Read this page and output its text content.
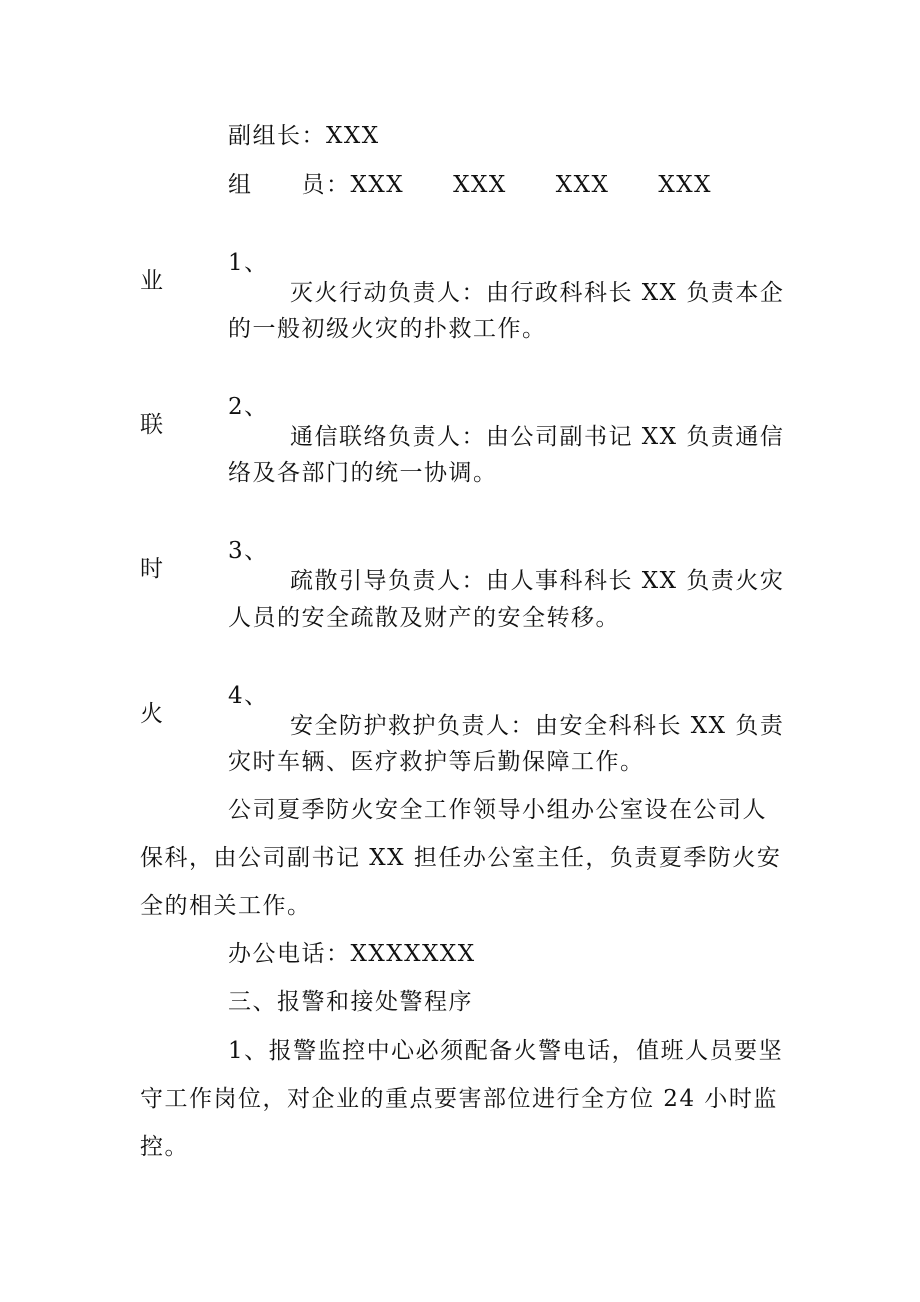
副组长：XXX
组　　员：XXX　　XXX　　XXX　　XXX

1、

灭火行动负责人：由行政科科长 XX 负责本企

业
的一般初级火灾的扑救工作。

2、

通信联络负责人：由公司副书记 XX 负责通信

联
络及各部门的统一协调。

3、

疏散引导负责人：由人事科科长 XX 负责火灾

时
人员的安全疏散及财产的安全转移。

4、

安全防护救护负责人：由安全科科长 XX 负责

火
灾时车辆、医疗救护等后勤保障工作。
公司夏季防火安全工作领导小组办公室设在公司人
保科，由公司副书记 XX 担任办公室主任，负责夏季防火安
全的相关工作。
办公电话：XXXXXXX
三、报警和接处警程序
1、报警监控中心必须配备火警电话，值班人员要坚
守工作岗位，对企业的重点要害部位进行全方位 24 小时监
控。
